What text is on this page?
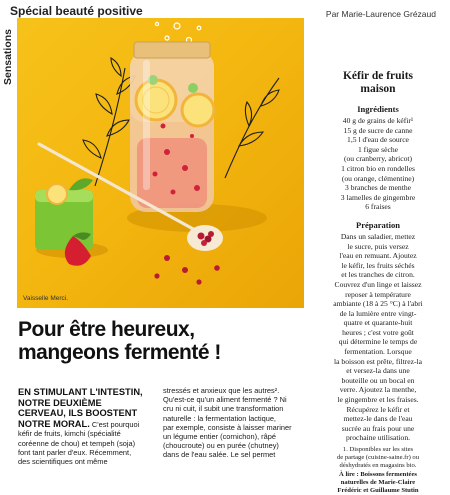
Spécial beauté positive	Par Marie-Laurence Grézaud
Sensations
Vaisselle Merci.
Kéfir de fruits
maison
Ingrédients
40 g de grains de kéfir¹
15 g de sucre de canne
1,5 l d'eau de source
1 figue sèche
(ou cranberry, abricot)
1 citron bio en rondelles
(ou orange, clémentine)
3 branches de menthe
3 lamelles de gingembre
6 fraises
Préparation
Dans un saladier, mettez
le sucre, puis versez
l'eau en remuant. Ajoutez
le kéfir, les fruits séchés
et les tranches de citron.
Couvrez d'un linge et laissez
reposer à température
ambiante (18 à 25 °C) à l'abri
de la lumière entre vingt-
quatre et quarante-huit
heures ; c'est votre goût
qui détermine le temps de
fermentation. Lorsque
la boisson est prête, filtrez-la
et versez-la dans une
bouteille ou un bocal en
verre. Ajoutez la menthe,
le gingembre et les fraises.
Récupérez le kéfir et
mettez-le dans de l'eau
sucrée au frais pour une
prochaine utilisation.
1. Disponibles sur les sites
de partage (cuisine-saine.fr) ou
déshydratés en magasins bio.
À lire : Boissons fermentées
naturelles de Marie-Claire
Frédéric et Guillaume Stutin
Pour être heureux,
mangeons fermenté !
EN STIMULANT L'INTESTIN,
NOTRE DEUXIÈME
CERVEAU, ILS BOOSTENT
NOTRE MORAL. C'est pourquoi
kéfir de fruits, kimchi (spécialité
coréenne de chou) et tempeh (soja)
font tant parler d'eux. Récemment,
des scientifiques ont même
stressés et anxieux que les autres².
Qu'est-ce qu'un aliment fermenté ? Ni
cru ni cuit, il subit une transformation
naturelle : la fermentation lactique,
par exemple, consiste à laisser mariner
un légume entier (cornichon), râpé
(choucroute) ou en purée (chutney)
dans de l'eau salée. Le sel permet
